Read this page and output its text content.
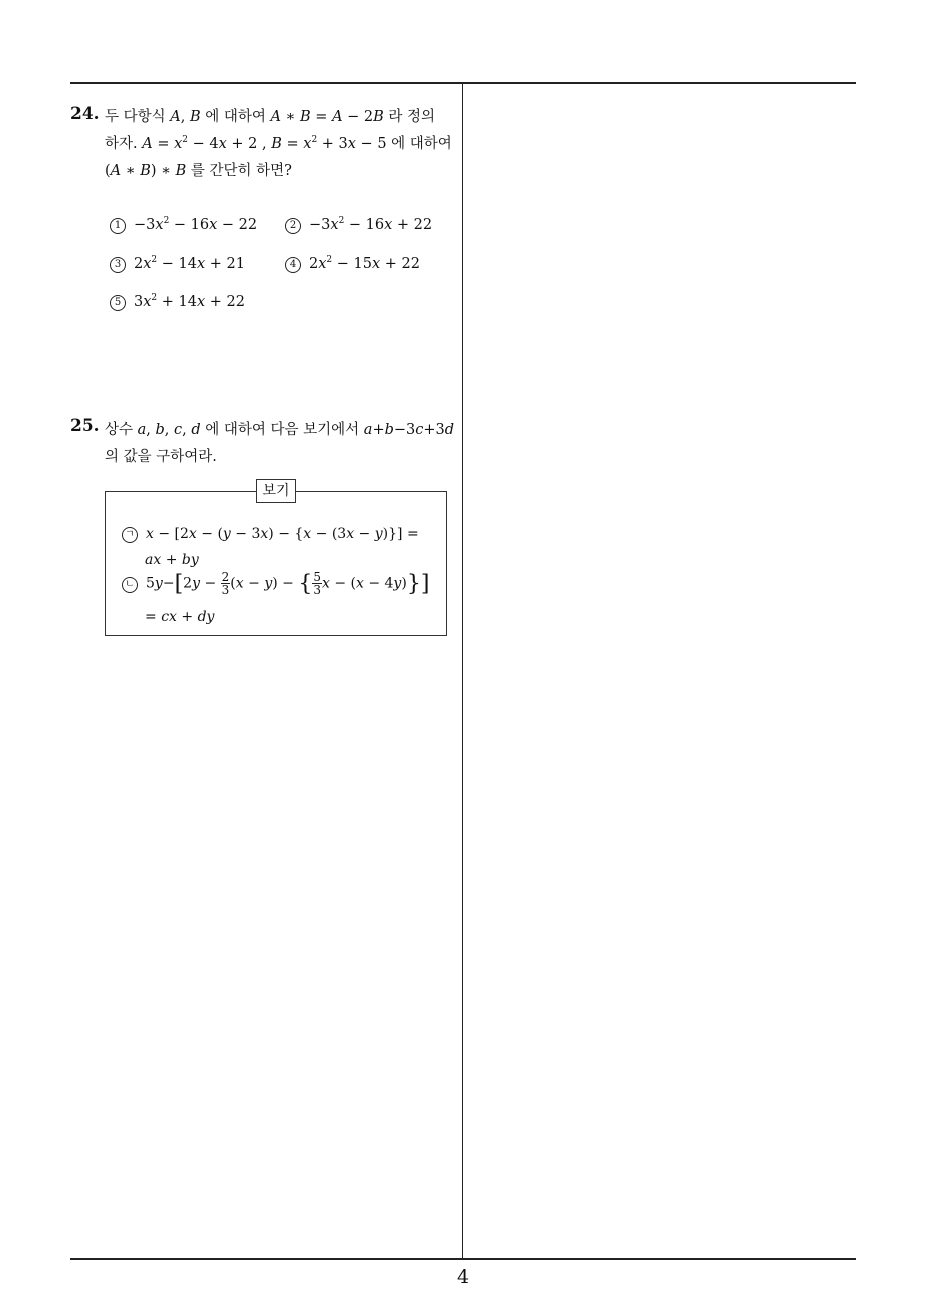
24. 두 다항식 A, B 에 대하여 A ∗ B = A − 2B 라 정의
하자. $A = x^2 - 4x + 2$ , $B = x^2 + 3x - 5$ 에 대하여
(A ∗ B) ∗ B 를 간단히 하면?
$1 -3x^2 - 16x - 22$	$2 -3x^2 - 16x + 22$
3 $2x^2 - 14x + 21$	4 $2x^2 - 15x + 22$
5 $3x^2 + 14x + 22$
25. 상수 a, b, c, d 에 대하여 다음 보기에서 a+b−3c+3d
의 값을 구하여라.
보기
ㄱ x − [2x − (y − 3x) − {x − (3x − y)}] =
ax + by
ㄴ $5y-[2y - \frac{2}{3} (x - y)$ − { $\frac{5}{3}$ x − (x − 4y)}]
= cx + dy
4
